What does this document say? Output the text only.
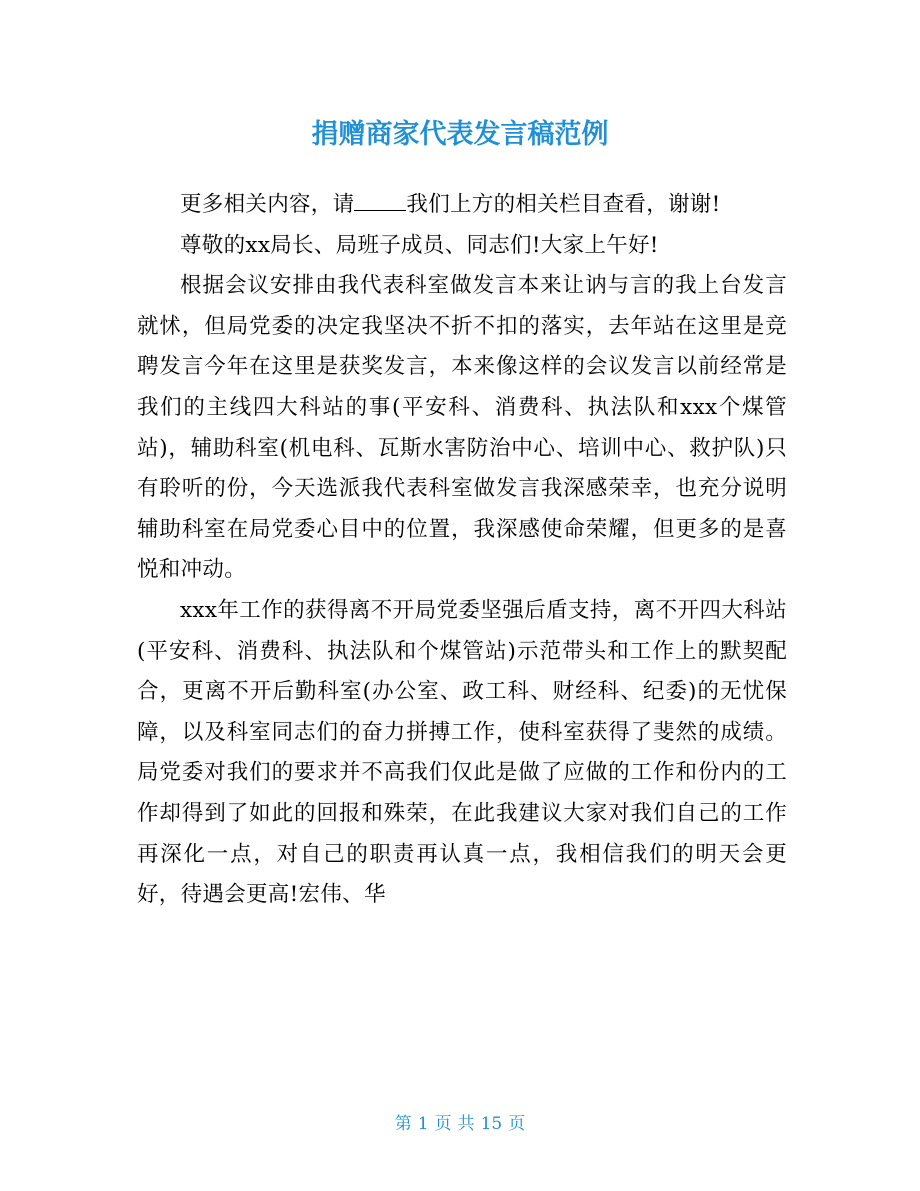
捐赠商家代表发言稿范例

更多相关内容，请 我们上方的相关栏目查看，谢谢!

尊敬的xx局长、局班子成员、同志们!大家上午好!

根据会议安排由我代表科室做发言本来让讷与言的我上台发言就怵，但局党委的决定我坚决不折不扣的落实，去年站在这里是竞聘发言今年在这里是获奖发言，本来像这样的会议发言以前经常是我们的主线四大科站的事(平安科、消费科、执法队和xxx个煤管站)，辅助科室(机电科、瓦斯水害防治中心、培训中心、救护队)只有聆听的份，今天选派我代表科室做发言我深感荣幸，也充分说明辅助科室在局党委心目中的位置，我深感使命荣耀，但更多的是喜悦和冲动。

xxx年工作的获得离不开局党委坚强后盾支持，离不开四大科站(平安科、消费科、执法队和个煤管站)示范带头和工作上的默契配合，更离不开后勤科室(办公室、政工科、财经科、纪委)的无忧保障，以及科室同志们的奋力拼搏工作，使科室获得了斐然的成绩。局党委对我们的要求并不高我们仅此是做了应做的工作和份内的工作却得到了如此的回报和殊荣，在此我建议大家对我们自己的工作再深化一点，对自己的职责再认真一点，我相信我们的明天会更好，待遇会更高!宏伟、华

第 1 页 共 15 页
